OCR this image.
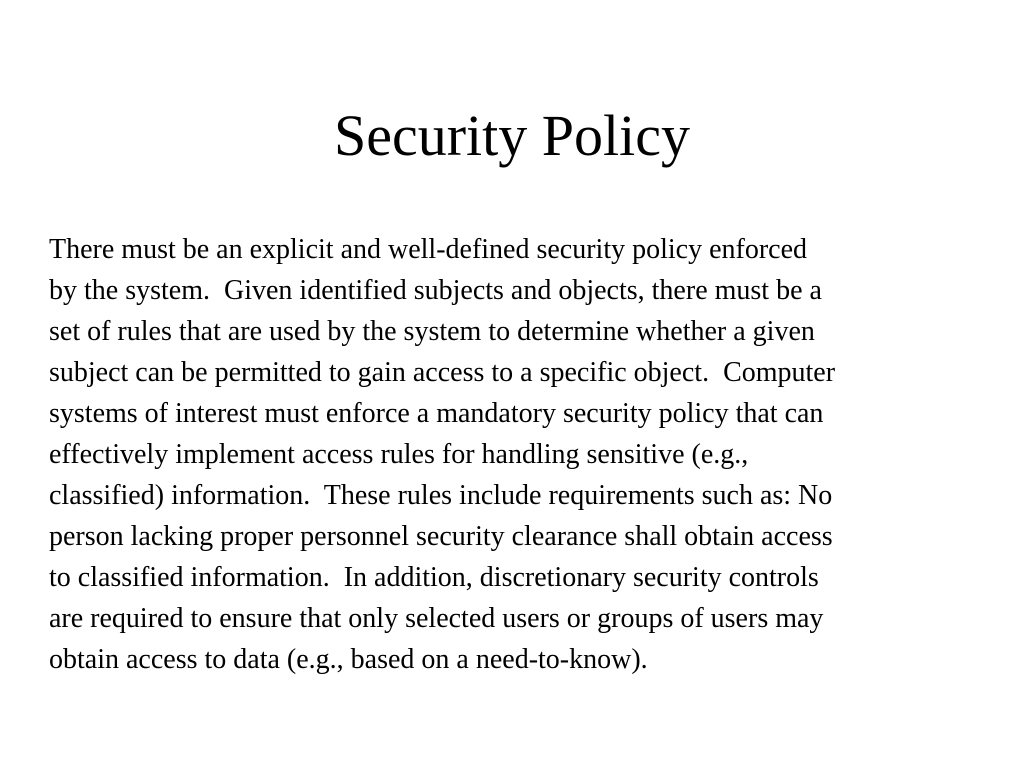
Security Policy

There must be an explicit and well-defined security policy enforced
by the system.  Given identified subjects and objects, there must be a
set of rules that are used by the system to determine whether a given
subject can be permitted to gain access to a specific object.  Computer
systems of interest must enforce a mandatory security policy that can
effectively implement access rules for handling sensitive (e.g.,
classified) information.  These rules include requirements such as: No
person lacking proper personnel security clearance shall obtain access
to classified information.  In addition, discretionary security controls
are required to ensure that only selected users or groups of users may
obtain access to data (e.g., based on a need-to-know).
